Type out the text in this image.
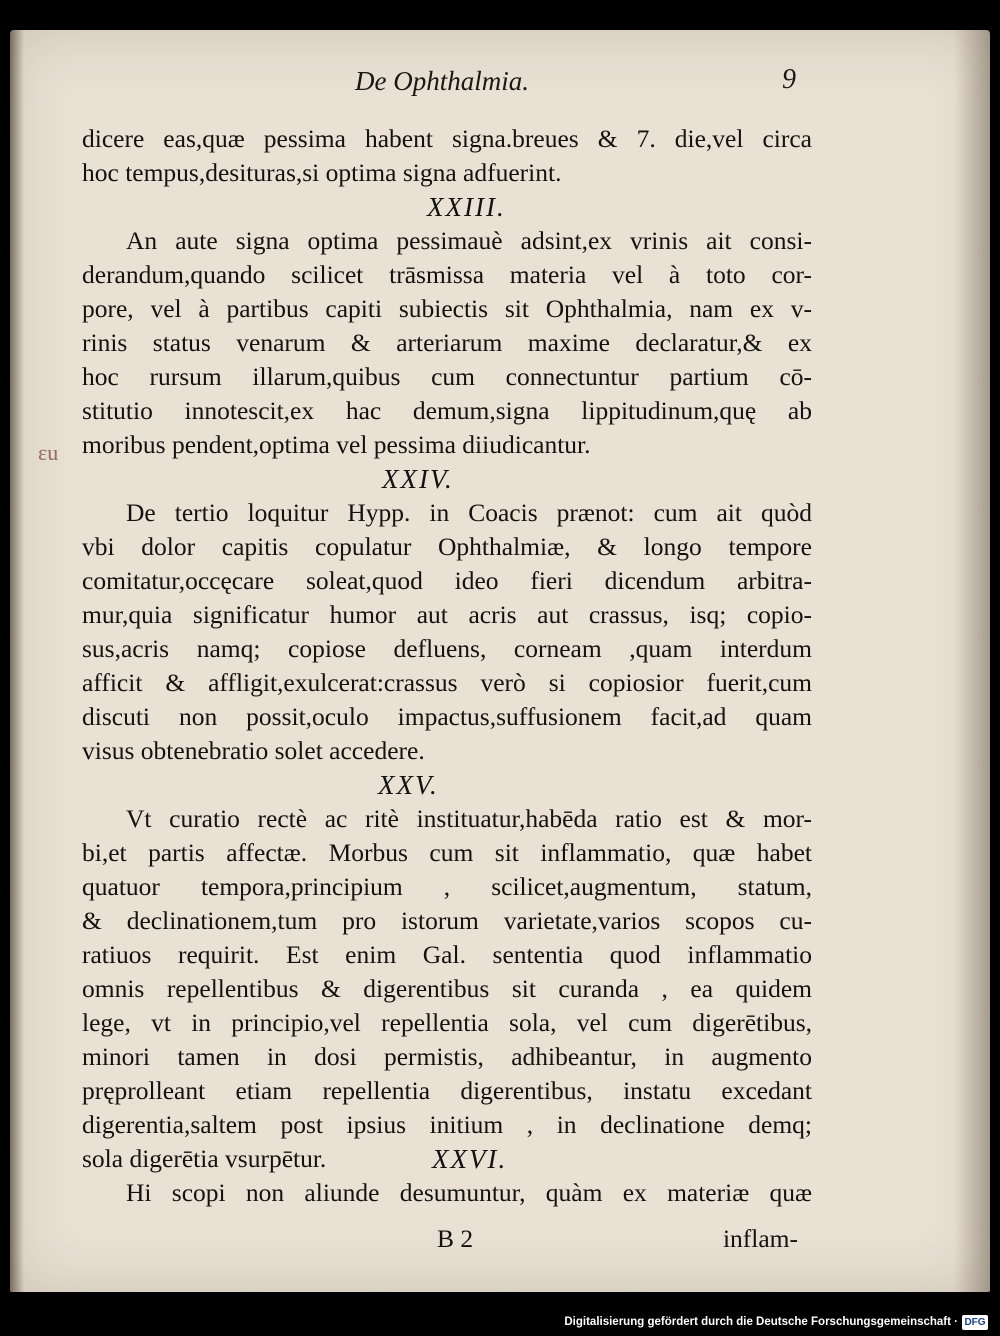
ɛu
De Ophthalmia.	9
B 2	inflam-
dicere eas,quæ pessima habent signa.breues & 7. die,vel circa
hoc tempus,desituras,si optima signa adfuerint.
XXIII.
An aute signa optima pessimauè adsint,ex vrinis ait consi-
derandum,quando scilicet trāsmissa materia vel à toto cor-
pore, vel à partibus capiti subiectis sit Ophthalmia, nam ex v-
rinis status venarum & arteriarum maxime declaratur,& ex
hoc rursum illarum,quibus cum connectuntur partium cō-
stitutio innotescit,ex hac demum,signa lippitudinum,quę ab
moribus pendent,optima vel pessima diiudicantur.
XXIV.
De tertio loquitur Hypp. in Coacis prænot: cum ait quòd
vbi dolor capitis copulatur Ophthalmiæ, & longo tempore
comitatur,occęcare soleat,quod ideo fieri dicendum arbitra-
mur,quia significatur humor aut acris aut crassus, isq; copio-
sus,acris namq; copiose defluens, corneam ,quam interdum
afficit & affligit,exulcerat:crassus verò si copiosior fuerit,cum
discuti non possit,oculo impactus,suffusionem facit,ad quam
visus obtenebratio solet accedere.
XXV.
Vt curatio rectè ac ritè instituatur,habēda ratio est & mor-
bi,et partis affectæ. Morbus cum sit inflammatio, quæ habet
quatuor tempora,principium , scilicet,augmentum, statum,
& declinationem,tum pro istorum varietate,varios scopos cu-
ratiuos requirit. Est enim Gal. sententia quod inflammatio
omnis repellentibus & digerentibus sit curanda , ea quidem
lege, vt in principio,vel repellentia sola, vel cum digerētibus,
minori tamen in dosi permistis, adhibeantur, in augmento
pręprolleant etiam repellentia digerentibus, instatu excedant
digerentia,saltem post ipsius initium , in declinatione demq;
sola digerētia vsurpētur.	XXVI.
Hi scopi non aliunde desumuntur, quàm ex materiæ quæ
Digitalisierung gefördert durch die Deutsche Forschungsgemeinschaft · DFG
